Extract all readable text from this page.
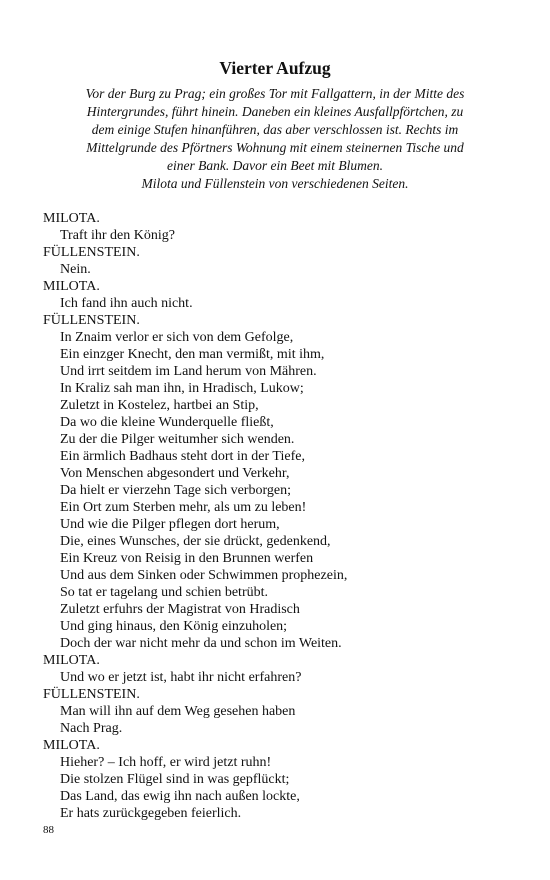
Vierter Aufzug
Vor der Burg zu Prag; ein großes Tor mit Fallgattern, in der Mitte des
Hintergrundes, führt hinein. Daneben ein kleines Ausfallpförtchen, zu
dem einige Stufen hinanführen, das aber verschlossen ist. Rechts im
Mittelgrunde des Pförtners Wohnung mit einem steinernen Tische und
einer Bank. Davor ein Beet mit Blumen.
Milota und Füllenstein von verschiedenen Seiten.
MILOTA.
Traft ihr den König?
FÜLLENSTEIN.
Nein.
MILOTA.
Ich fand ihn auch nicht.
FÜLLENSTEIN.
In Znaim verlor er sich von dem Gefolge,
Ein einzger Knecht, den man vermißt, mit ihm,
Und irrt seitdem im Land herum von Mähren.
In Kraliz sah man ihn, in Hradisch, Lukow;
Zuletzt in Kostelez, hartbei an Stip,
Da wo die kleine Wunderquelle fließt,
Zu der die Pilger weitumher sich wenden.
Ein ärmlich Badhaus steht dort in der Tiefe,
Von Menschen abgesondert und Verkehr,
Da hielt er vierzehn Tage sich verborgen;
Ein Ort zum Sterben mehr, als um zu leben!
Und wie die Pilger pflegen dort herum,
Die, eines Wunsches, der sie drückt, gedenkend,
Ein Kreuz von Reisig in den Brunnen werfen
Und aus dem Sinken oder Schwimmen prophezein,
So tat er tagelang und schien betrübt.
Zuletzt erfuhrs der Magistrat von Hradisch
Und ging hinaus, den König einzuholen;
Doch der war nicht mehr da und schon im Weiten.
MILOTA.
Und wo er jetzt ist, habt ihr nicht erfahren?
FÜLLENSTEIN.
Man will ihn auf dem Weg gesehen haben
Nach Prag.
MILOTA.
Hieher? – Ich hoff, er wird jetzt ruhn!
Die stolzen Flügel sind in was gepflückt;
Das Land, das ewig ihn nach außen lockte,
Er hats zurückgegeben feierlich.
88
